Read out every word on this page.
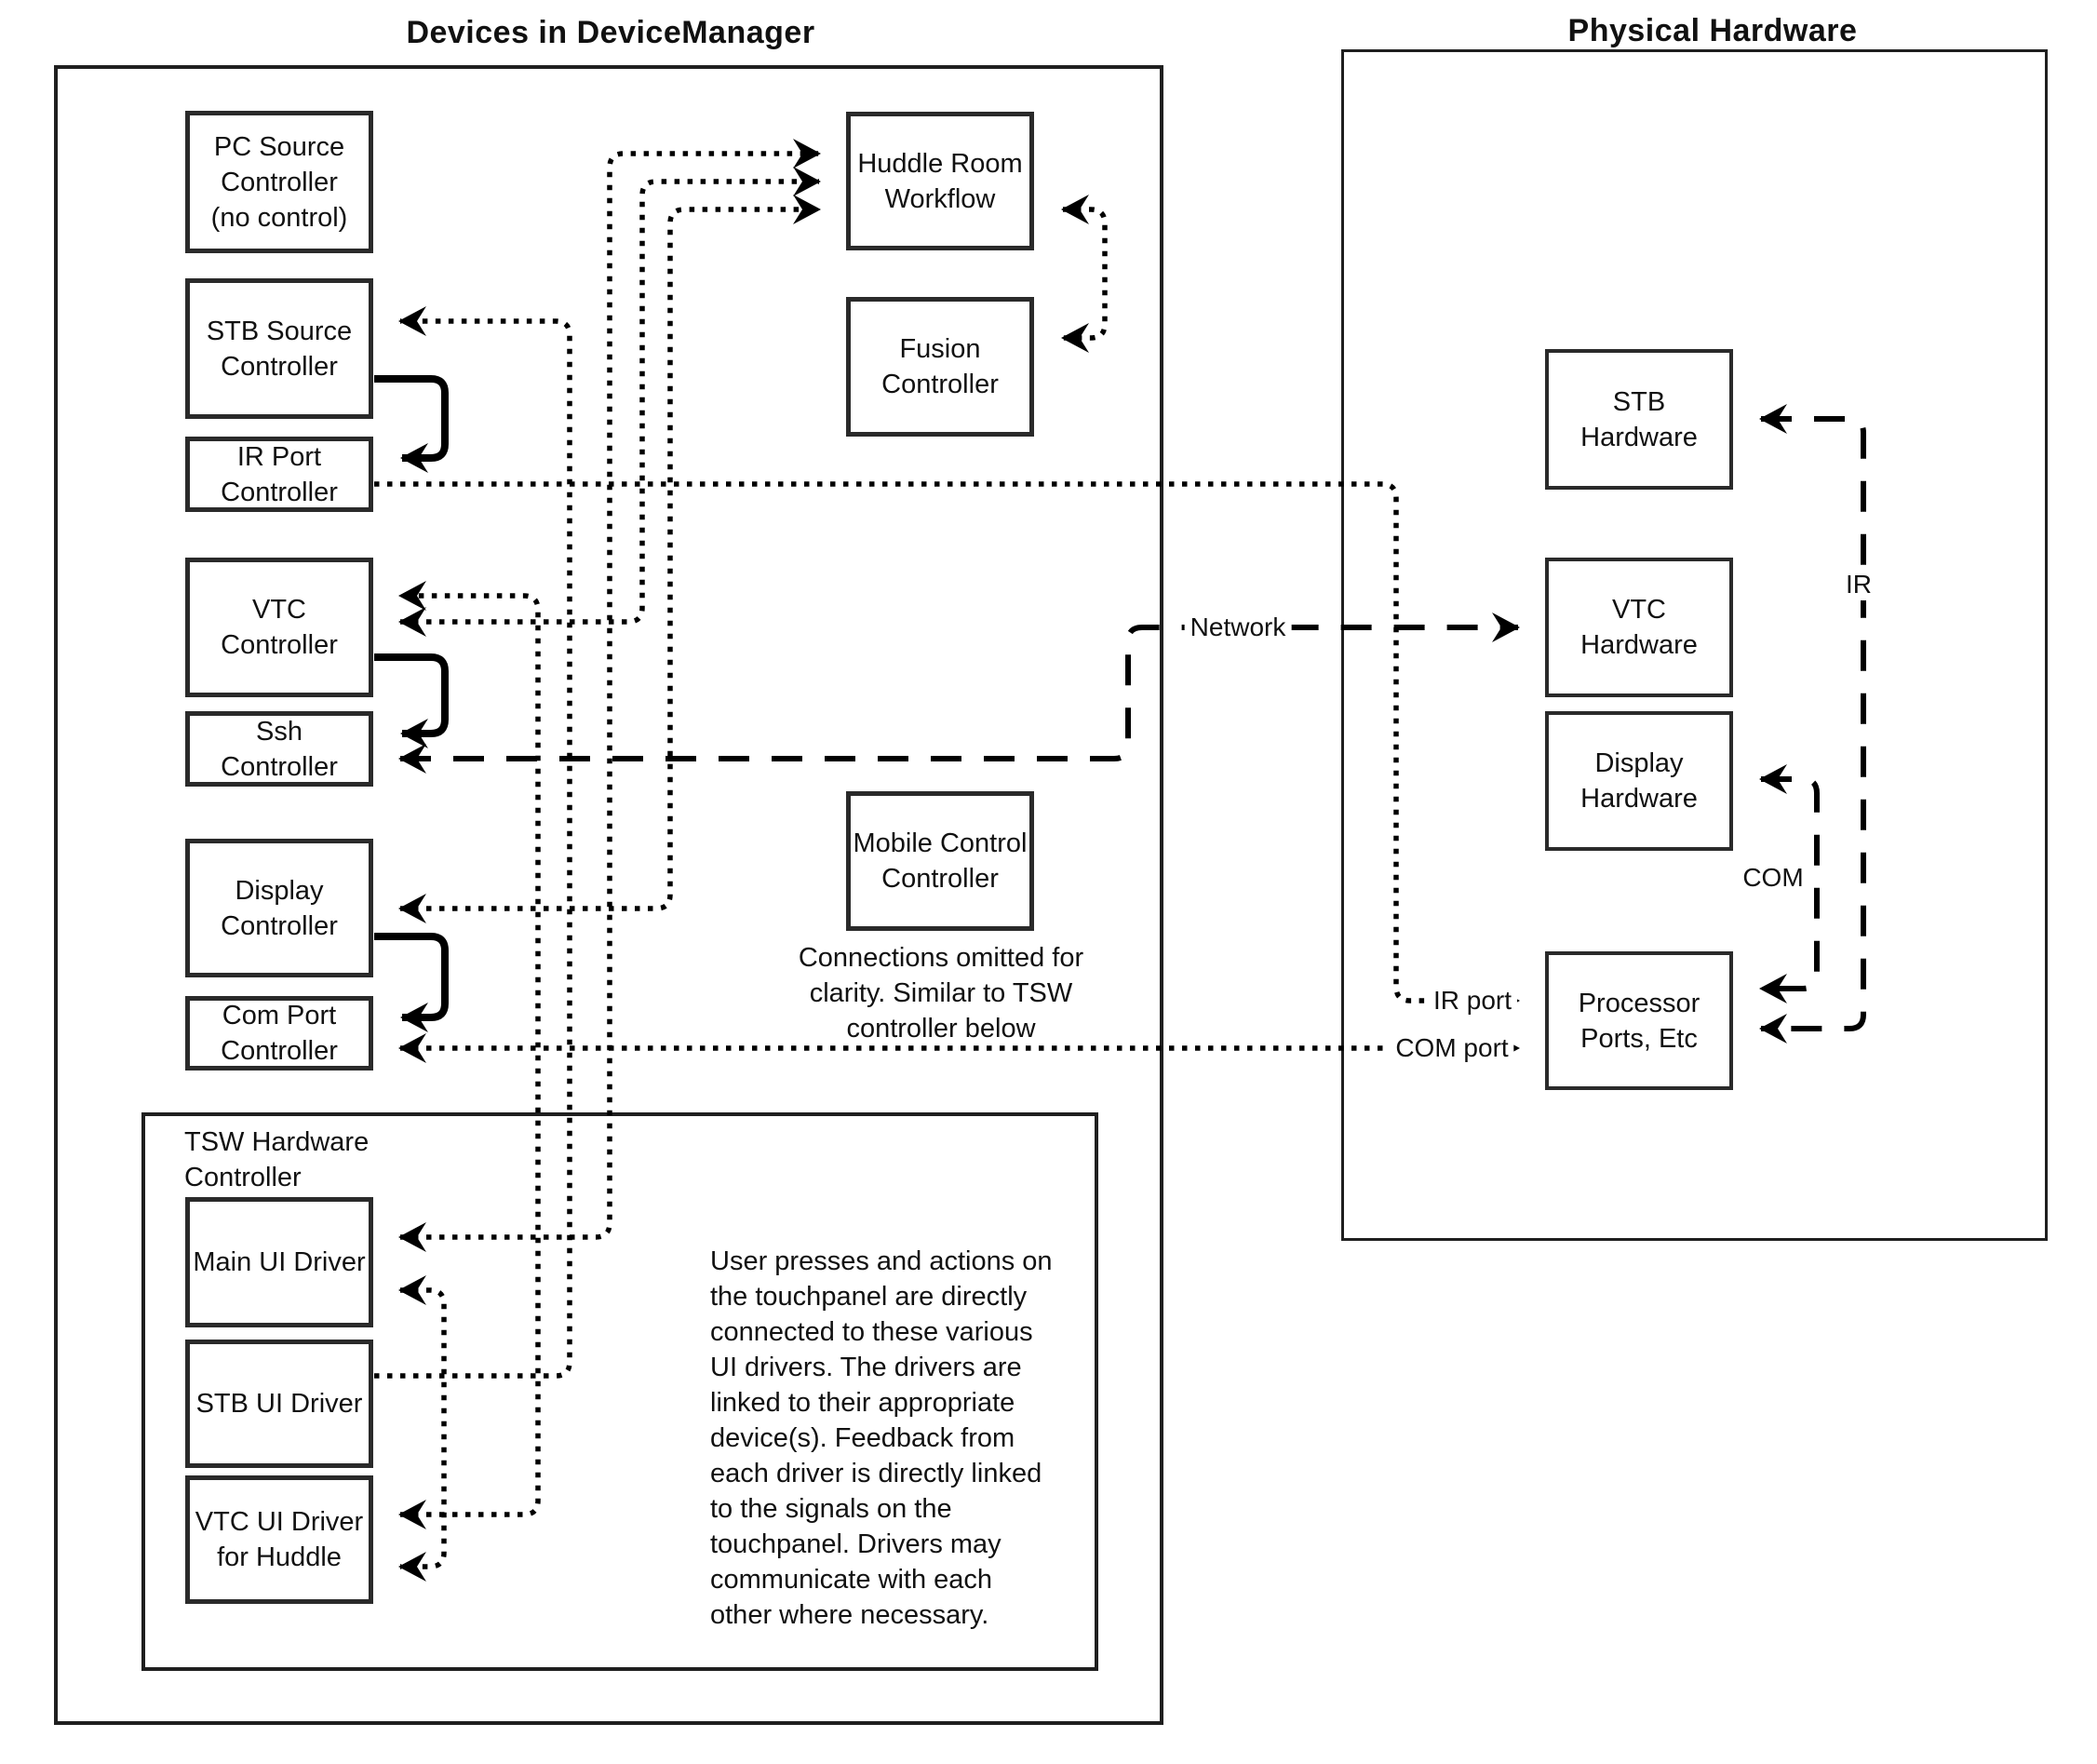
Devices in DeviceManager	Physical Hardware
TSW Hardware
Controller
PC Source
Controller
(no control)
STB Source
Controller
IR Port
Controller
VTC
Controller
Ssh
Controller
Display
Controller
Com Port
Controller
Main UI Driver
STB UI Driver
VTC UI Driver
for Huddle
Huddle Room
Workflow
Fusion
Controller
Mobile Control
Controller
Connections omitted for
clarity. Similar to TSW
controller below
User presses and actions on
the touchpanel are directly
connected to these various
UI drivers. The drivers are
linked to their appropriate
device(s). Feedback from
each driver is directly linked
to the signals on the
touchpanel. Drivers may
communicate with each
other where necessary.
STB
Hardware
VTC
Hardware
Display
Hardware
Processor
Ports, Etc
Network
IR
COM
IR port
COM port
